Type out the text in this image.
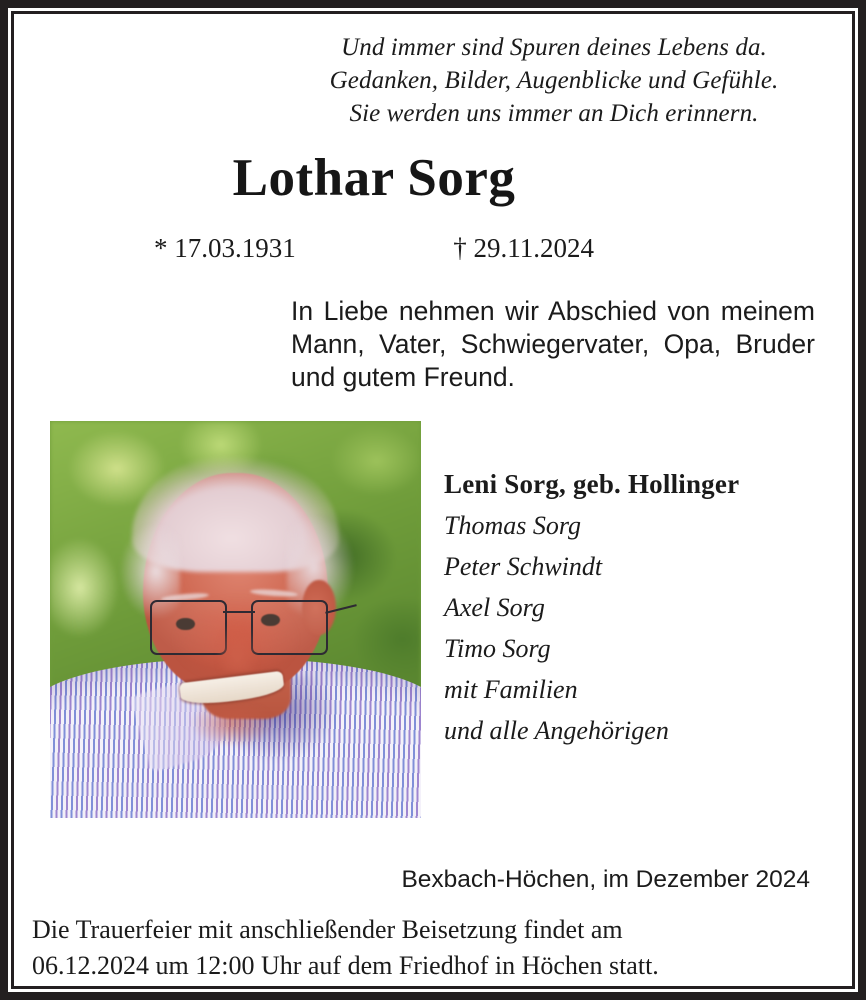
Und immer sind Spuren deines Lebens da.
Gedanken, Bilder, Augenblicke und Gefühle.
Sie werden uns immer an Dich erinnern.
Lothar Sorg
* 17.03.1931	† 29.11.2024
In Liebe nehmen wir Abschied von meinem Mann, Vater, Schwiegervater, Opa, Bruder und gutem Freund.
Leni Sorg, geb. Hollinger
Thomas Sorg
Peter Schwindt
Axel Sorg
Timo Sorg
mit Familien
und alle Angehörigen
Bexbach-Höchen, im Dezember 2024
Die Trauerfeier mit anschließender Beisetzung findet am
06.12.2024 um 12:00 Uhr auf dem Friedhof in Höchen statt.
